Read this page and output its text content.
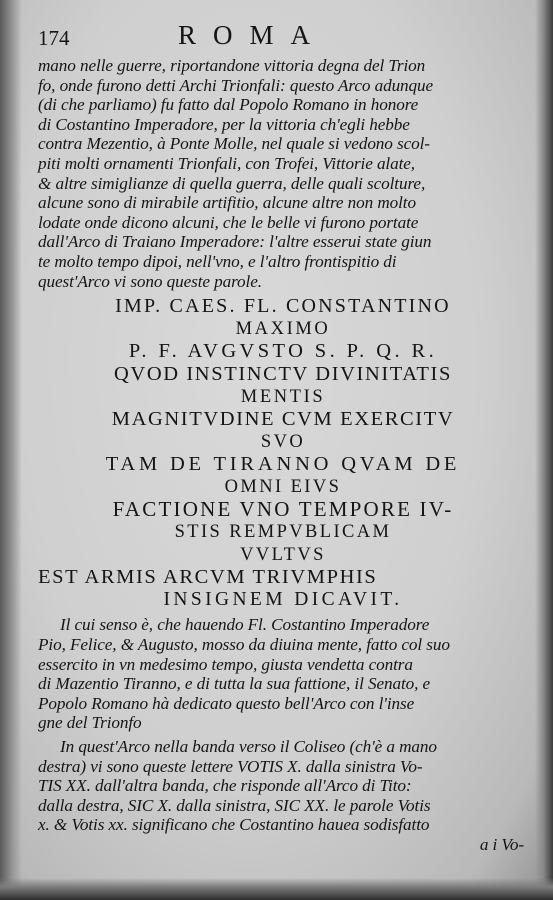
174	ROMA
mano nelle guerre, riportandone vittoria degna del Trion
fo, onde furono detti Archi Trionfali: questo Arco adunque
(di che parliamo) fu fatto dal Popolo Romano in honore
di Costantino Imperadore, per la vittoria ch'egli hebbe
contra Mezentio, à Ponte Molle, nel quale si vedono scol-
piti molti ornamenti Trionfali, con Trofei, Vittorie alate,
& altre simiglianze di quella guerra, delle quali scolture,
alcune sono di mirabile artifitio, alcune altre non molto
lodate onde dicono alcuni, che le belle vi furono portate
dall'Arco di Traiano Imperadore: l'altre esserui state giun
te molto tempo dipoi, nell'vno, e l'altro frontispitio di
quest'Arco vi sono queste parole.
IMP. CAES. FL. CONSTANTINO
MAXIMO
P. F. AVGVSTO S. P. Q. R.
QVOD INSTINCTV DIVINITATIS
MENTIS
MAGNITVDINE CVM EXERCITV
SVO
TAM DE TIRANNO QVAM DE
OMNI EIVS
FACTIONE VNO TEMPORE IV-
STIS REMPVBLICAM
VVLTVS
EST ARMIS ARCVM TRIVMPHIS
INSIGNEM DICAVIT.
Il cui senso è, che hauendo Fl. Costantino Imperadore
Pio, Felice, & Augusto, mosso da diuina mente, fatto col suo
essercito in vn medesimo tempo, giusta vendetta contra
di Mazentio Tiranno, e di tutta la sua fattione, il Senato, e
Popolo Romano hà dedicato questo bell'Arco con l'inse
gne del Trionfo
In quest'Arco nella banda verso il Coliseo (ch'è a mano
destra) vi sono queste lettere VOTIS X. dalla sinistra Vo-
TIS XX. dall'altra banda, che risponde all'Arco di Tito:
dalla destra, SIC X. dalla sinistra, SIC XX. le parole Votis
x. & Votis xx. significano che Costantino hauea sodisfatto
a i Vo-
